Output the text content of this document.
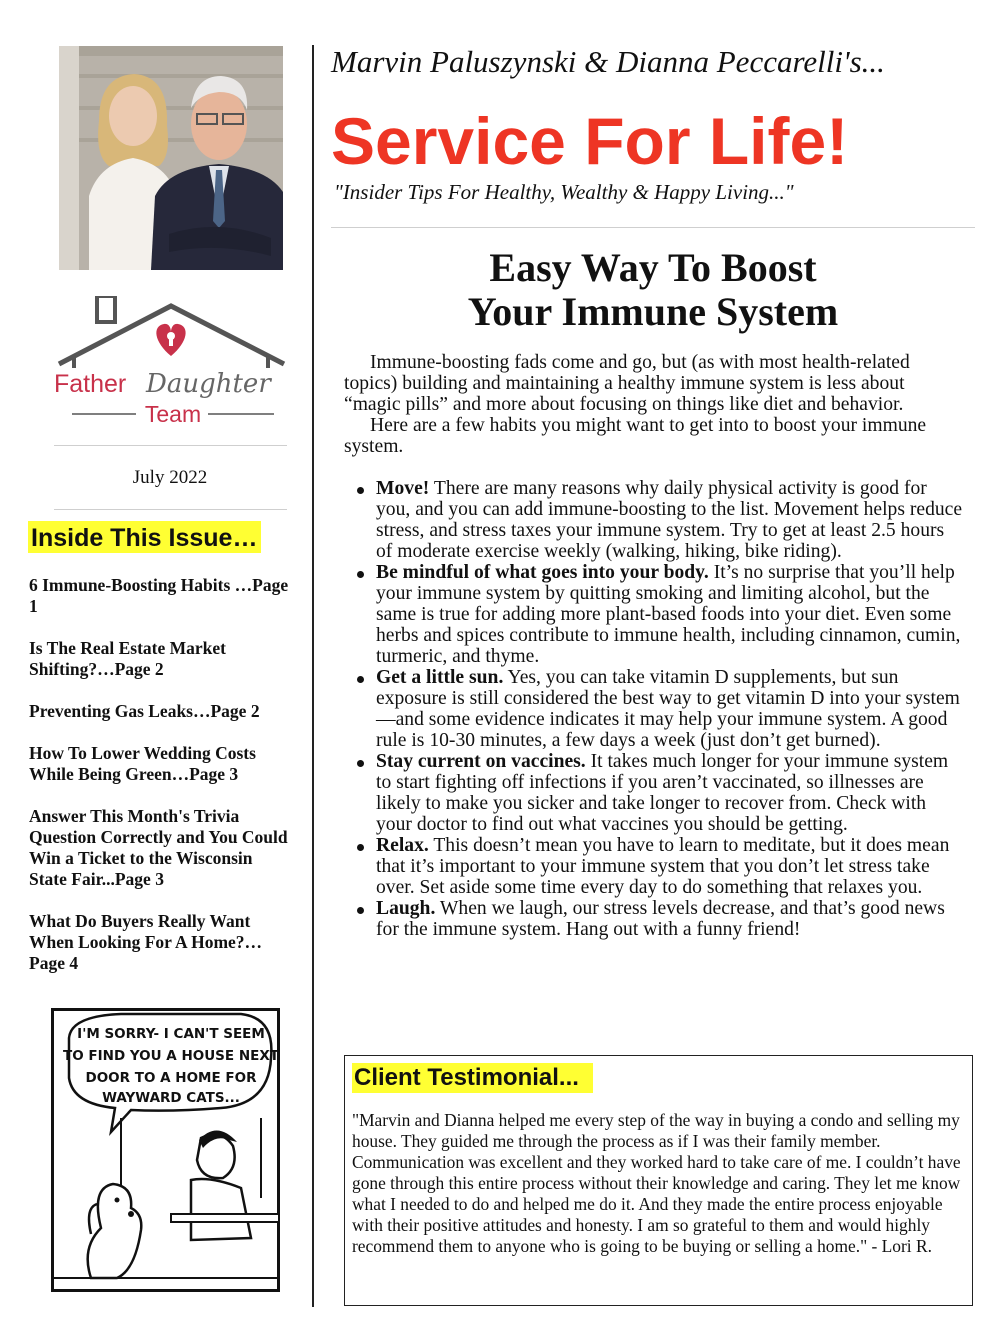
Father Daughter
Team
July 2022
Inside This Issue…
6 Immune-Boosting Habits …Page 1
Is The Real Estate Market Shifting?…Page 2
Preventing Gas Leaks…Page 2
How To Lower Wedding Costs While Being Green…Page 3
Answer This Month's Trivia Question Correctly and You Could Win a Ticket to the Wisconsin State Fair...Page 3
What Do Buyers Really Want When Looking For A Home?…Page 4
I'M SORRY- I CAN'T SEEM
TO FIND YOU A HOUSE NEXT
DOOR TO A HOME FOR
WAYWARD CATS...
Marvin Paluszynski & Dianna Peccarelli's...
Service For Life!
"Insider Tips For Healthy, Wealthy & Happy Living..."
Easy Way To Boost
Your Immune System

Immune-boosting fads come and go, but (as with most health-related topics) building and maintaining a healthy immune system is less about “magic pills” and more about focusing on things like diet and behavior.

Here are a few habits you might want to get into to boost your immune system.

Move! There are many reasons why daily physical activity is good for you, and you can add immune-boosting to the list. Movement helps reduce stress, and stress taxes your immune system. Try to get at least 2.5 hours of moderate exercise weekly (walking, hiking, bike riding).
Be mindful of what goes into your body. It’s no surprise that you’ll help your immune system by quitting smoking and limiting alcohol, but the same is true for adding more plant-based foods into your diet. Even some herbs and spices contribute to immune health, including cinnamon, cumin, turmeric, and thyme.
Get a little sun. Yes, you can take vitamin D supplements, but sun exposure is still considered the best way to get vitamin D into your system—and some evidence indicates it may help your immune system. A good rule is 10-30 minutes, a few days a week (just don’t get burned).
Stay current on vaccines. It takes much longer for your immune system to start fighting off infections if you aren’t vaccinated, so illnesses are likely to make you sicker and take longer to recover from. Check with your doctor to find out what vaccines you should be getting.
Relax. This doesn’t mean you have to learn to meditate, but it does mean that it’s important to your immune system that you don’t let stress take over. Set aside some time every day to do something that relaxes you.
Laugh. When we laugh, our stress levels decrease, and that’s good news for the immune system. Hang out with a funny friend!
Client Testimonial...
"Marvin and Dianna helped me every step of the way in buying a condo and selling my house. They guided me through the process as if I was their family member. Communication was excellent and they worked hard to take care of me. I couldn’t have gone through this entire process without their knowledge and caring. They let me know what I needed to do and helped me do it. And they made the entire process enjoyable with their positive attitudes and honesty. I am so grateful to them and would highly recommend them to anyone who is going to be buying or selling a home." - Lori R.
